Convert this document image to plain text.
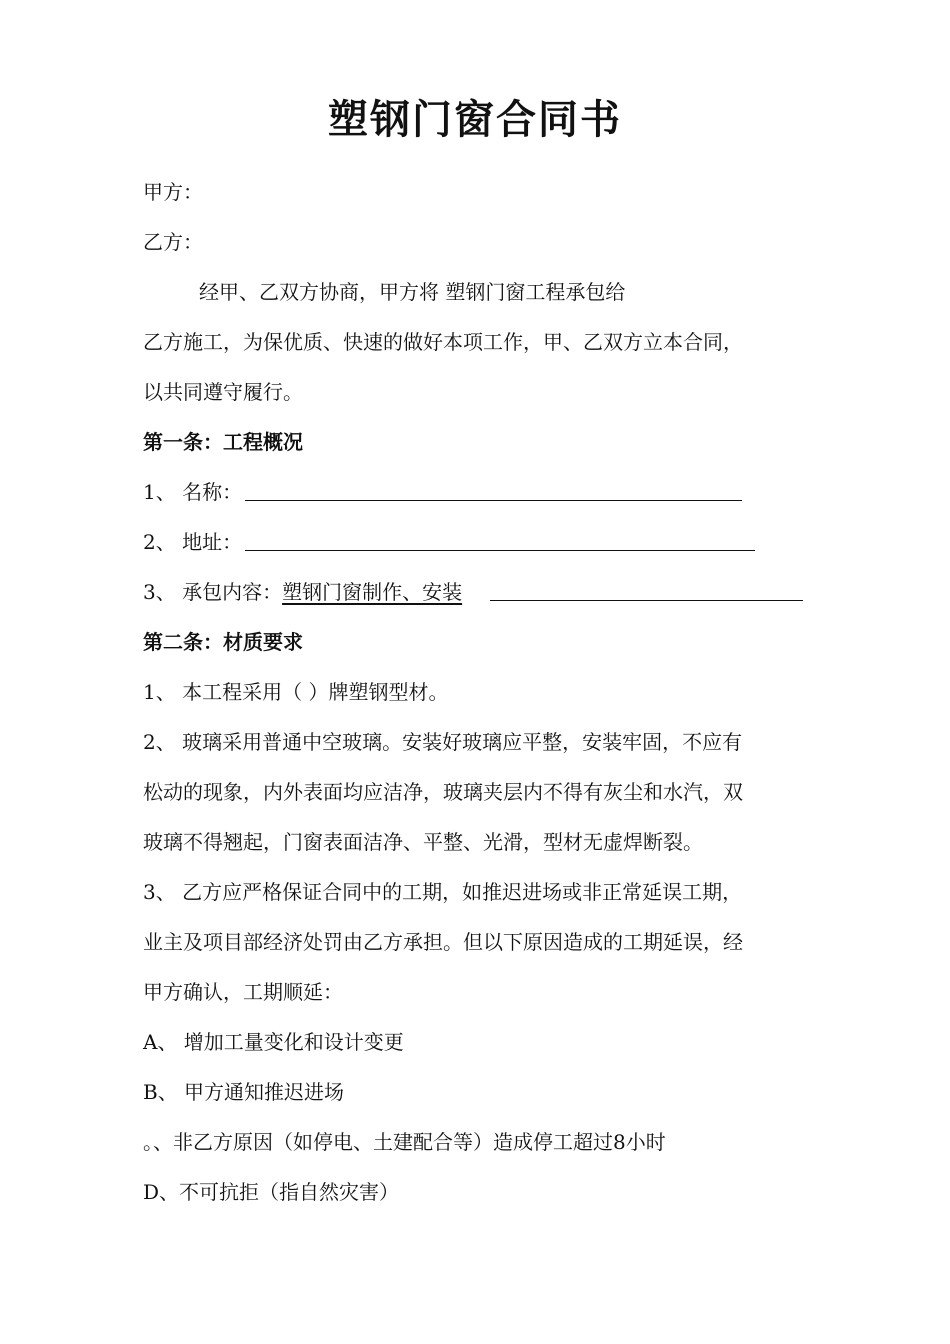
塑钢门窗合同书
甲方：
乙方：
经甲、乙双方协商，甲方将 塑钢门窗工程承包给
乙方施工，为保优质、快速的做好本项工作，甲、乙双方立本合同，
以共同遵守履行。
第一条：工程概况
1、 名称：
2、 地址：
3、 承包内容：塑钢门窗制作、安装
第二条：材质要求
1、 本工程采用（ ）牌塑钢型材。
2、 玻璃采用普通中空玻璃。安装好玻璃应平整，安装牢固，不应有
松动的现象，内外表面均应洁净，玻璃夹层内不得有灰尘和水汽，双
玻璃不得翘起，门窗表面洁净、平整、光滑，型材无虚焊断裂。
3、 乙方应严格保证合同中的工期，如推迟进场或非正常延误工期，
业主及项目部经济处罚由乙方承担。但以下原因造成的工期延误，经
甲方确认，工期顺延：
A、 增加工量变化和设计变更
B、 甲方通知推迟进场
。、非乙方原因（如停电、土建配合等）造成停工超过8小时
D、不可抗拒（指自然灾害）
